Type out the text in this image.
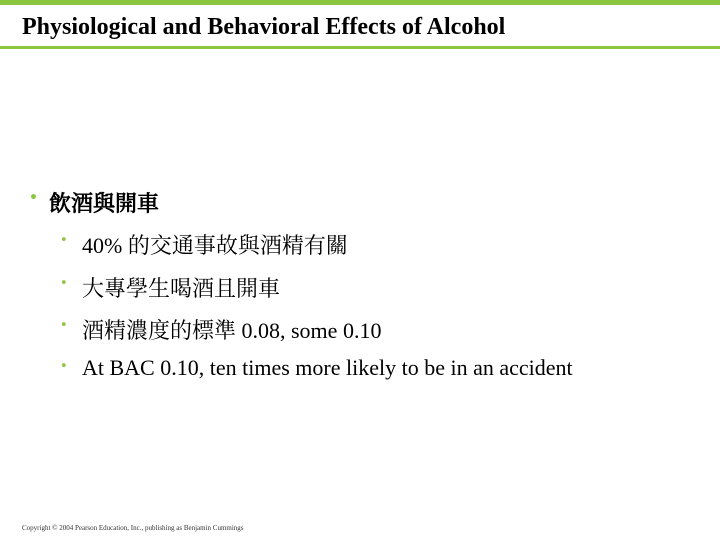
Physiological and Behavioral Effects of Alcohol
• 飲酒與開車
• 40% 的交通事故與酒精有關
• 大專學生喝酒且開車
• 酒精濃度的標準 0.08, some 0.10
• At BAC 0.10, ten times more likely to be in an accident
Copyright © 2004 Pearson Education, Inc., publishing as Benjamin Cummings
